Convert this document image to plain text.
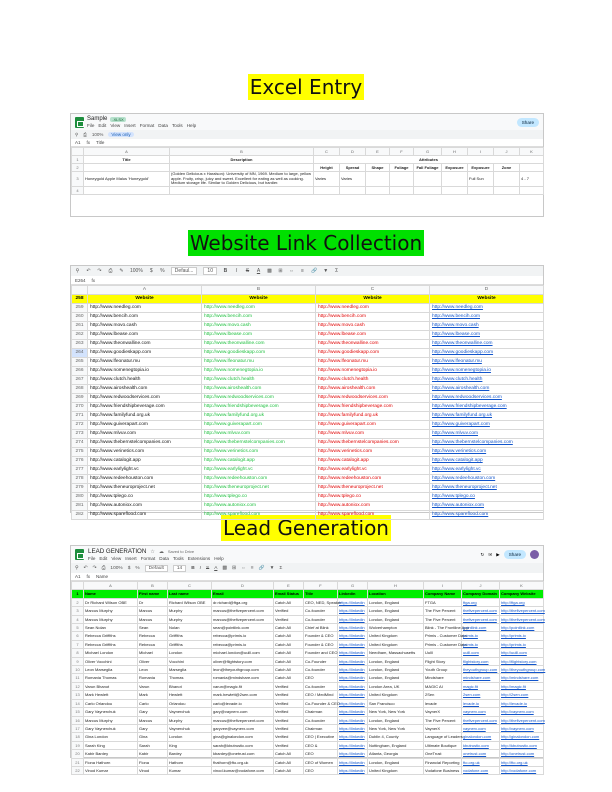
Excel Entry
Website Link Collection
Lead Generation
Sample	.XLSX
File Edit View Insert Format Data Tools Help
Share
⚲ ⎙ 100%	View only
A1 fx Title
	A	B	C	D	E	F	G	H	I	J	K	
1	Title	Description	Attributes									
2			Height	Spread	Shape	Foliage	Fall Foliage	Exposure	Exposure	Zone		
3	Honeygold Apple Malus 'Honeygold'	(Golden Delicious x Haralson): University of MN, 1969. Medium to large, yellow apple. Fruity, crisp, juicy and sweet. Excellent for eating as well as cooking. Medium storage life. Similar to Golden Delicious, but hardier.	Varies	Varies					Full Sun		4 - 7	
4												
⚲ ↶ ↷ ⎙ ✎ 100% $ %	Defaul...	10	B	I	S A ▩ ⊞ ⇔ ≡ 🔗 ▼ Σ
E264 fx
	A	B	C	D
258	Website	Website	Website	Website
259	http://www.needleg.com	http://www.needleg.com	http://www.needleg.com	http://www.needleg.com
260	http://www.bencih.com	http://www.bencih.com	http://www.bencih.com	http://www.bencih.com
261	http://www.movo.cash	http://www.movo.cash	http://www.movo.cash	http://www.movo.cash
262	http://www.lbease.com	http://www.lbease.com	http://www.lbease.com	http://www.lbease.com
263	http://www.theonwalline.com	http://www.theonwalline.com	http://www.theonwalline.com	http://www.theonwalline.com
264	http://www.goodieskapp.com	http://www.goodieskapp.com	http://www.goodieskapp.com	http://www.goodieskapp.com
265	http://www.lfeonatur.mu	http://www.lfeonatur.mu	http://www.lfeonatur.mu	http://www.lfeonatur.mu
266	http://www.nomenegtopia.io	http://www.nomenegtopia.io	http://www.nomenegtopia.io	http://www.nomenegtopia.io
267	http://www.clutch.health	http://www.clutch.health	http://www.clutch.health	http://www.clutch.health
268	http://www.airoshealth.com	http://www.airoshealth.com	http://www.airoshealth.com	http://www.airoshealth.com
269	http://www.redwoodservices.com	http://www.redwoodservices.com	http://www.redwoodservices.com	http://www.redwoodservices.com
270	http://www.friendshipbeverage.com	http://www.friendshipbeverage.com	http://www.friendshipbeverage.com	http://www.friendshipbeverage.com
271	http://www.familyfund.org.uk	http://www.familyfund.org.uk	http://www.familyfund.org.uk	http://www.familyfund.org.uk
272	http://www.guiverapart.com	http://www.guiverapart.com	http://www.guiverapart.com	http://www.guiverapart.com
273	http://www.mlvuv.com	http://www.mlvuv.com	http://www.mlvuv.com	http://www.mlvuv.com
274	http://www.thebernstelcompanies.com	http://www.thebernstelcompanies.com	http://www.thebernstelcompanies.com	http://www.thebernstelcompanies.com
275	http://www.verinetics.com	http://www.verinetics.com	http://www.verinetics.com	http://www.verinetics.com
276	http://www.catalogit.app	http://www.catalogit.app	http://www.catalogit.app	http://www.catalogit.app
277	http://www.earlylight.vc	http://www.earlylight.vc	http://www.earlylight.vc	http://www.earlylight.vc
278	http://www.redeehouston.com	http://www.redeehouston.com	http://www.redeehouston.com	http://www.redeehouston.com
279	http://www.theneuroproject.net	http://www.theneuroproject.net	http://www.theneuroproject.net	http://www.theneuroproject.net
280	http://www.tplego.co	http://www.tplego.co	http://www.tplego.co	http://www.tplego.co
281	http://www.autoniox.com	http://www.autoniox.com	http://www.autoniox.com	http://www.autoniox.com
282	http://www.spareflood.com	http://www.spareflood.com	http://www.spareflood.com	http://www.spareflood.com
LEAD GENERATION ☆ ☁ Saved to Drive
File Edit View Insert Format Data Tools Extensions Help
↻ ✉ ▶	Share
⚲ ↶ ↷ ⎙ 100% $ %	Default	14	B I S A ▩ ⊞ ⇔ ≡ 🔗 ▼ Σ
A1 fx Name
	A	B	C	D	E	F	G	H	I	J	K
1	Name	First name	Last name	Email	Email Status	Title	Linkedin	Location	Company Name	Company Domain	Company Website
2	Dr Richard Wilson OBE	Dr	Richard Wilson OBE	dr.richard@ftga.org	Catch All	CEO, NED, Speaker	https://linkedin	London, England	FTGA	ftga.org	http://ftga.org
3	Marcus Murphy	Marcus	Murphy	marcus@thefivepercent.com	Verified	Co-founder	https://linkedin	London, England	The Five Percent	thefivepercent.com	http://thefivepercent.com
4	Marcus Murphy	Marcus	Murphy	marcus@thefivepercent.com	Verified	Co-founder	https://linkedin	London, England	The Five Percent	thefivepercent.com	http://thefivepercent.com
5	Sean Nolan	Sean	Nolan	sean@pointlink.com	Catch All	Chief at Blink	https://linkedin	Wolverhampton	Blink - The Frontline App	pointlink.com	http://pointlink.com
6	Rebecca Griffiths	Rebecca	Griffiths	rebecca@primis.io	Catch All	Founder & CEO	https://linkedin	United Kingdom	Primis - Customer Data	primis.io	http://primis.io
7	Rebecca Griffiths	Rebecca	Griffiths	rebecca@primis.io	Catch All	Founder & CEO	https://linkedin	United Kingdom	Primis - Customer Data	primis.io	http://primis.io
8	Michael London	Michael	London	michael.london@uulll.com	Catch All	Founder and CEO	https://linkedin	Needham, Massachusetts	Uulll	uulll.com	http://uulll.com
9	Oliver Vocchini	Oliver	Vocchini	oliver@flightstory.com	Catch All	Co-Founder	https://linkedin	London, England	Flight Story	flightstory.com	http://flightstory.com
10	Leon Marseglia	Leon	Marseglia	leon@theyouthgroup.com	Catch All	Co-founder	https://linkedin	London, England	Youth Group	theyouthgroup.com	http://theyouthgroup.com
11	Romania Thomas	Romania	Thomas	romania@mindshare.com	Catch All	CEO	https://linkedin	London, England	Mindshare	mindshare.com	http://mindshare.com
12	Varun Bhanot	Varun	Bhanot	varun@magic.fit	Verified	Co-founder	https://linkedin	London Area, UK	MAGIC AI	magic.fit	http://magic.fit
13	Mark Hewlett	Mark	Hewlett	mark.hewlett@2sen.com	Verified	CEO / MedMind	https://linkedin	United Kingdom	2Sen	2sen.com	http://2sen.com
14	Carlo Orlandou	Carlo	Orlandou	carlo@levade.io	Verified	Co-Founder & CEO	https://linkedin	San Francisco	levade	levade.io	http://levade.io
15	Gary Vaynerchuk	Gary	Vaynerchuk	gary@vaynerx.com	Verified	Chairman	https://linkedin	New York, New York	VaynerX	vaynerx.com	http://vaynerx.com
16	Marcus Murphy	Marcus	Murphy	marcus@thefivepercent.com	Verified	Co-founder	https://linkedin	London, England	The Five Percent	thefivepercent.com	http://thefivepercent.com
17	Gary Vaynerchuk	Gary	Vaynerchuk	garyvee@vaynerx.com	Verified	Chairman	https://linkedin	New York, New York	VaynerX	vaynerx.com	http://vaynerx.com
18	Gina London	Gina	London	gina@ginalondon.com	Verified	CEO | Executive	https://linkedin	Dublin 4, County	Language of Leaders	ginalondon.com	http://ginalondon.com
19	Sarah King	Sarah	King	sarah@kbutrustic.com	Verified	CEO &	https://linkedin	Nottingham, England	Ultimate Boutique	kbutrustic.com	http://kbutrustic.com
20	Kabir Bardey	Kabir	Bardey	kbardey@onetrust.com	Catch All	CEO	https://linkedin	Atlanta, Georgia	OneTrust	onetrust.com	http://onetrust.com
21	Fiona Hathorn	Fiona	Hathorn	fhathorn@fto.org.uk	Catch All	CEO of Women	https://linkedin	London, England	Financial Reporting	fto.org.uk	http://fto.org.uk
22	Vinod Kumar	Vinod	Kumar	vinod.kumar@vodafone.com	Catch All	CEO	https://linkedin	United Kingdom	Vodafone Business	vodafone.com	http://vodafone.com
